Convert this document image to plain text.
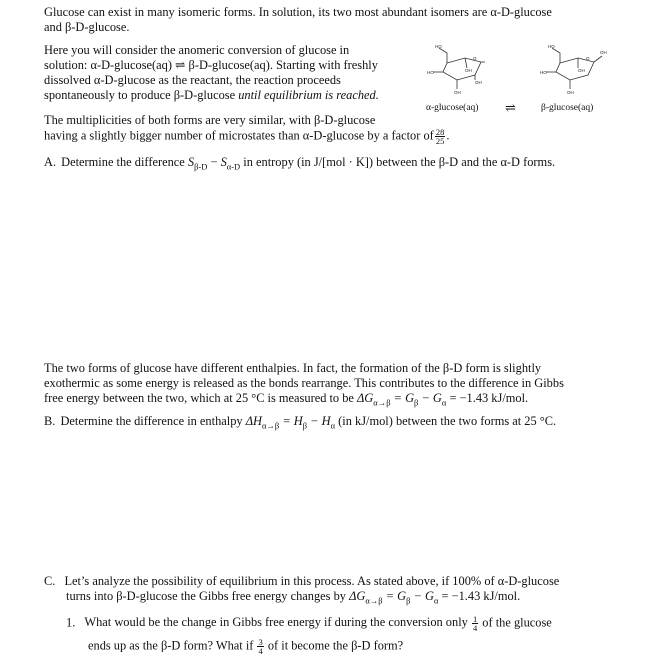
Glucose can exist in many isomeric forms. In solution, its two most abundant isomers are α-D-glucose
and β-D-glucose.
Here you will consider the anomeric conversion of glucose in
solution: α-D-glucose(aq) ⇌ β-D-glucose(aq). Starting with freshly
dissolved α-D-glucose as the reactant, the reaction proceeds
spontaneously to produce β-D-glucose until equilibrium is reached.
HO
HO	OH
OH
OH
O
HO
HO	OH
OH
OH
O
α-glucose(aq) ⇌	β-glucose(aq)
The multiplicities of both forms are very similar, with β-D-glucose
having a slightly bigger number of microstates than α-D-glucose by a factor of $\frac{28}{25}$ .
A. Determine the difference $S_{\beta-D} - S_{\alpha-D}$ in entropy (in J/[mol · K]) between the β-D and the α-D forms.
The two forms of glucose have different enthalpies. In fact, the formation of the β-D form is slightly
exothermic as some energy is released as the bonds rearrange. This contributes to the difference in Gibbs
free energy between the two, which at 25 °C is measured to be $\Delta G_{\alpha\to\beta} = G_\beta - G_\alpha = -1.43$ kJ/mol.
B. Determine the difference in enthalpy $\Delta H_{\alpha\to\beta} = H_\beta - H_\alpha$ (in kJ/mol) between the two forms at 25 °C.
C. Let’s analyze the possibility of equilibrium in this process. As stated above, if 100% of α-D-glucose
turns into β-D-glucose the Gibbs free energy changes by $\Delta G_{\alpha\to\beta} = G_\beta - G_\alpha = -1.43$ kJ/mol.
1. What would be the change in Gibbs free energy if during the conversion only $\frac{1}{4}$ of the glucose
ends up as the β-D form? What if $\frac{3}{4}$ of it become the β-D form?
